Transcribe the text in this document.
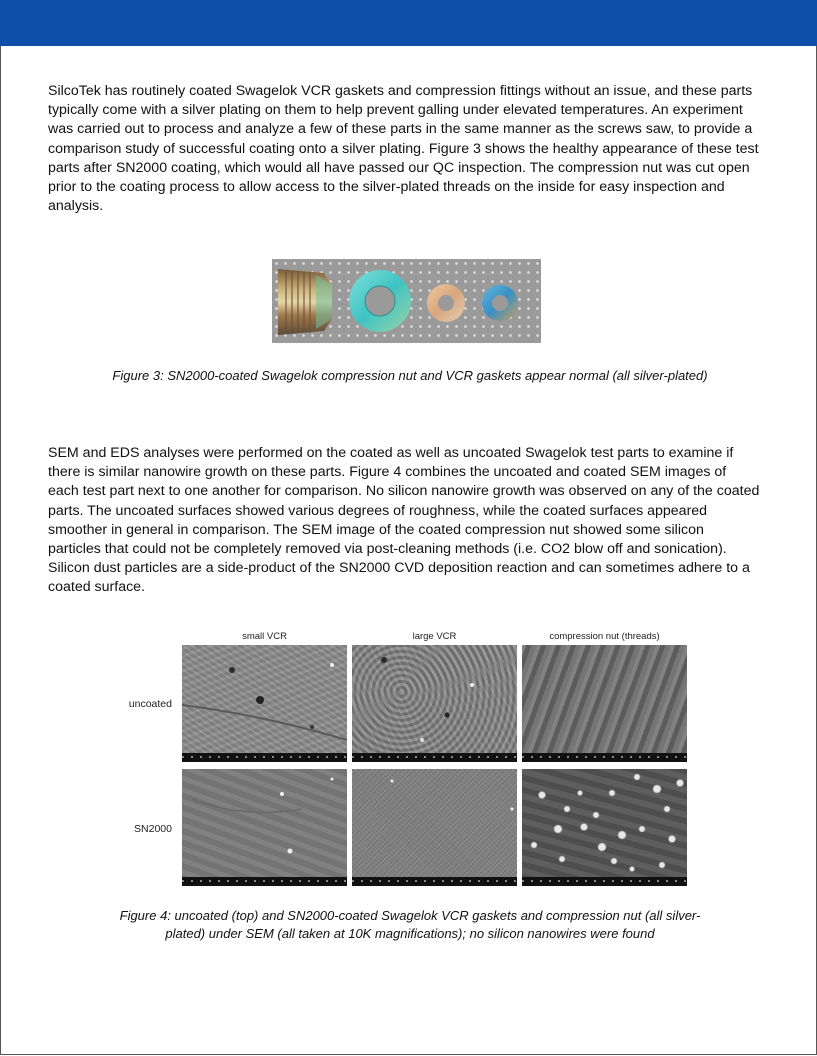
SilcoTek has routinely coated Swagelok VCR gaskets and compression fittings without an issue, and these parts typically come with a silver plating on them to help prevent galling under elevated temperatures. An experiment was carried out to process and analyze a few of these parts in the same manner as the screws saw, to provide a comparison study of successful coating onto a silver plating. Figure 3 shows the healthy appearance of these test parts after SN2000 coating, which would all have passed our QC inspection. The compression nut was cut open prior to the coating process to allow access to the silver-plated threads on the inside for easy inspection and analysis.

Figure 3: SN2000-coated Swagelok compression nut and VCR gaskets appear normal (all silver-plated)

SEM and EDS analyses were performed on the coated as well as uncoated Swagelok test parts to examine if there is similar nanowire growth on these parts. Figure 4 combines the uncoated and coated SEM images of each test part next to one another for comparison. No silicon nanowire growth was observed on any of the coated parts. The uncoated surfaces showed various degrees of roughness, while the coated surfaces appeared smoother in general in comparison. The SEM image of the coated compression nut showed some silicon particles that could not be completely removed via post-cleaning methods (i.e. CO2 blow off and sonication). Silicon dust particles are a side-product of the SN2000 CVD deposition reaction and can sometimes adhere to a coated surface.

small VCR	large VCR	compression nut (threads)
uncoated
SN2000

Figure 4: uncoated (top) and SN2000-coated Swagelok VCR gaskets and compression nut (all silver-
plated) under SEM (all taken at 10K magnifications); no silicon nanowires were found
